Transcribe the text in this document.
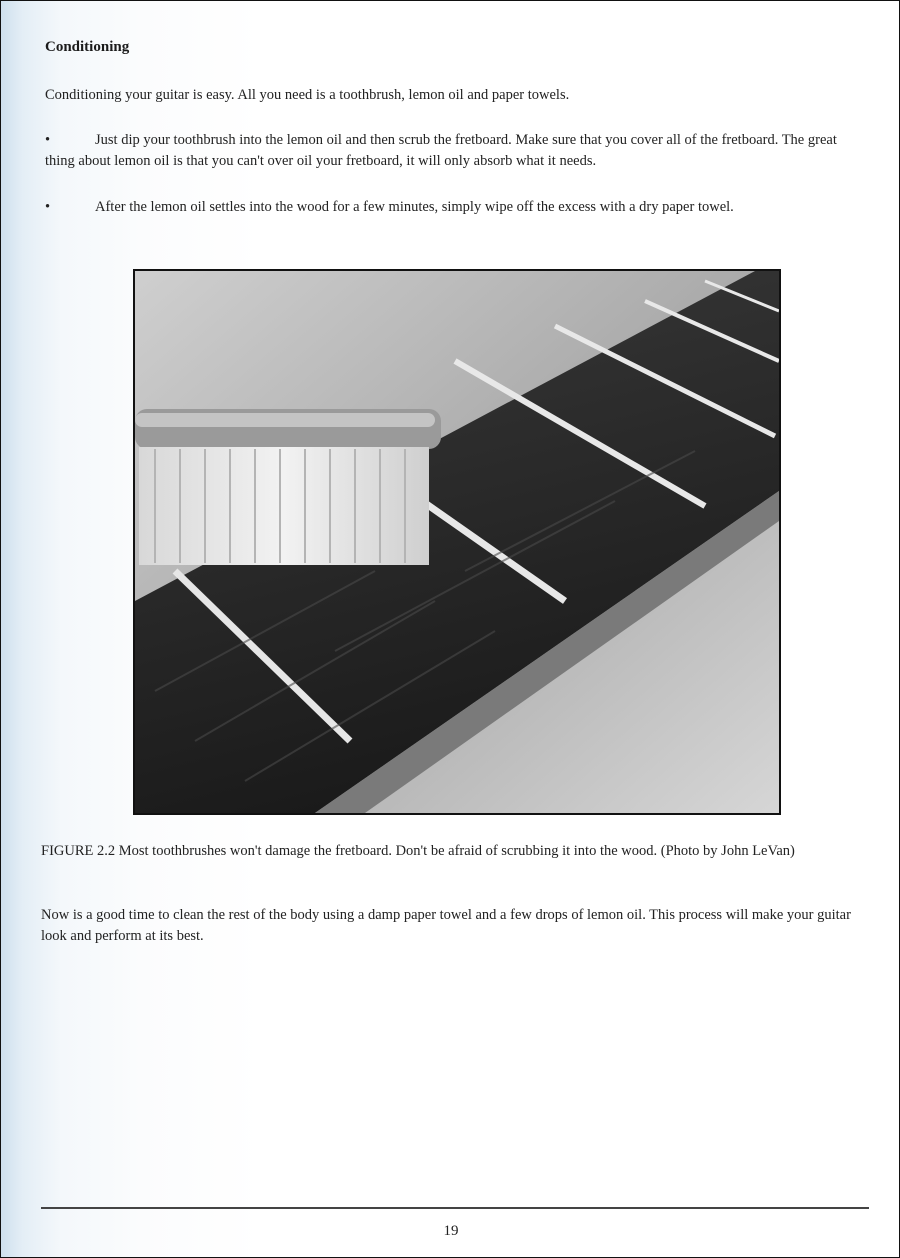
Conditioning
Conditioning your guitar is easy. All you need is a toothbrush, lemon oil and paper towels.
•	Just dip your toothbrush into the lemon oil and then scrub the fretboard. Make sure that you cover all of the fretboard. The great thing about lemon oil is that you can't over oil your fretboard, it will only absorb what it needs.
•	After the lemon oil settles into the wood for a few minutes, simply wipe off the excess with a dry paper towel.
FIGURE 2.2 Most toothbrushes won't damage the fretboard. Don't be afraid of scrubbing it into the wood. (Photo by John LeVan)
Now is a good time to clean the rest of the body using a damp paper towel and a few drops of lemon oil. This process will make your guitar look and perform at its best.
19
